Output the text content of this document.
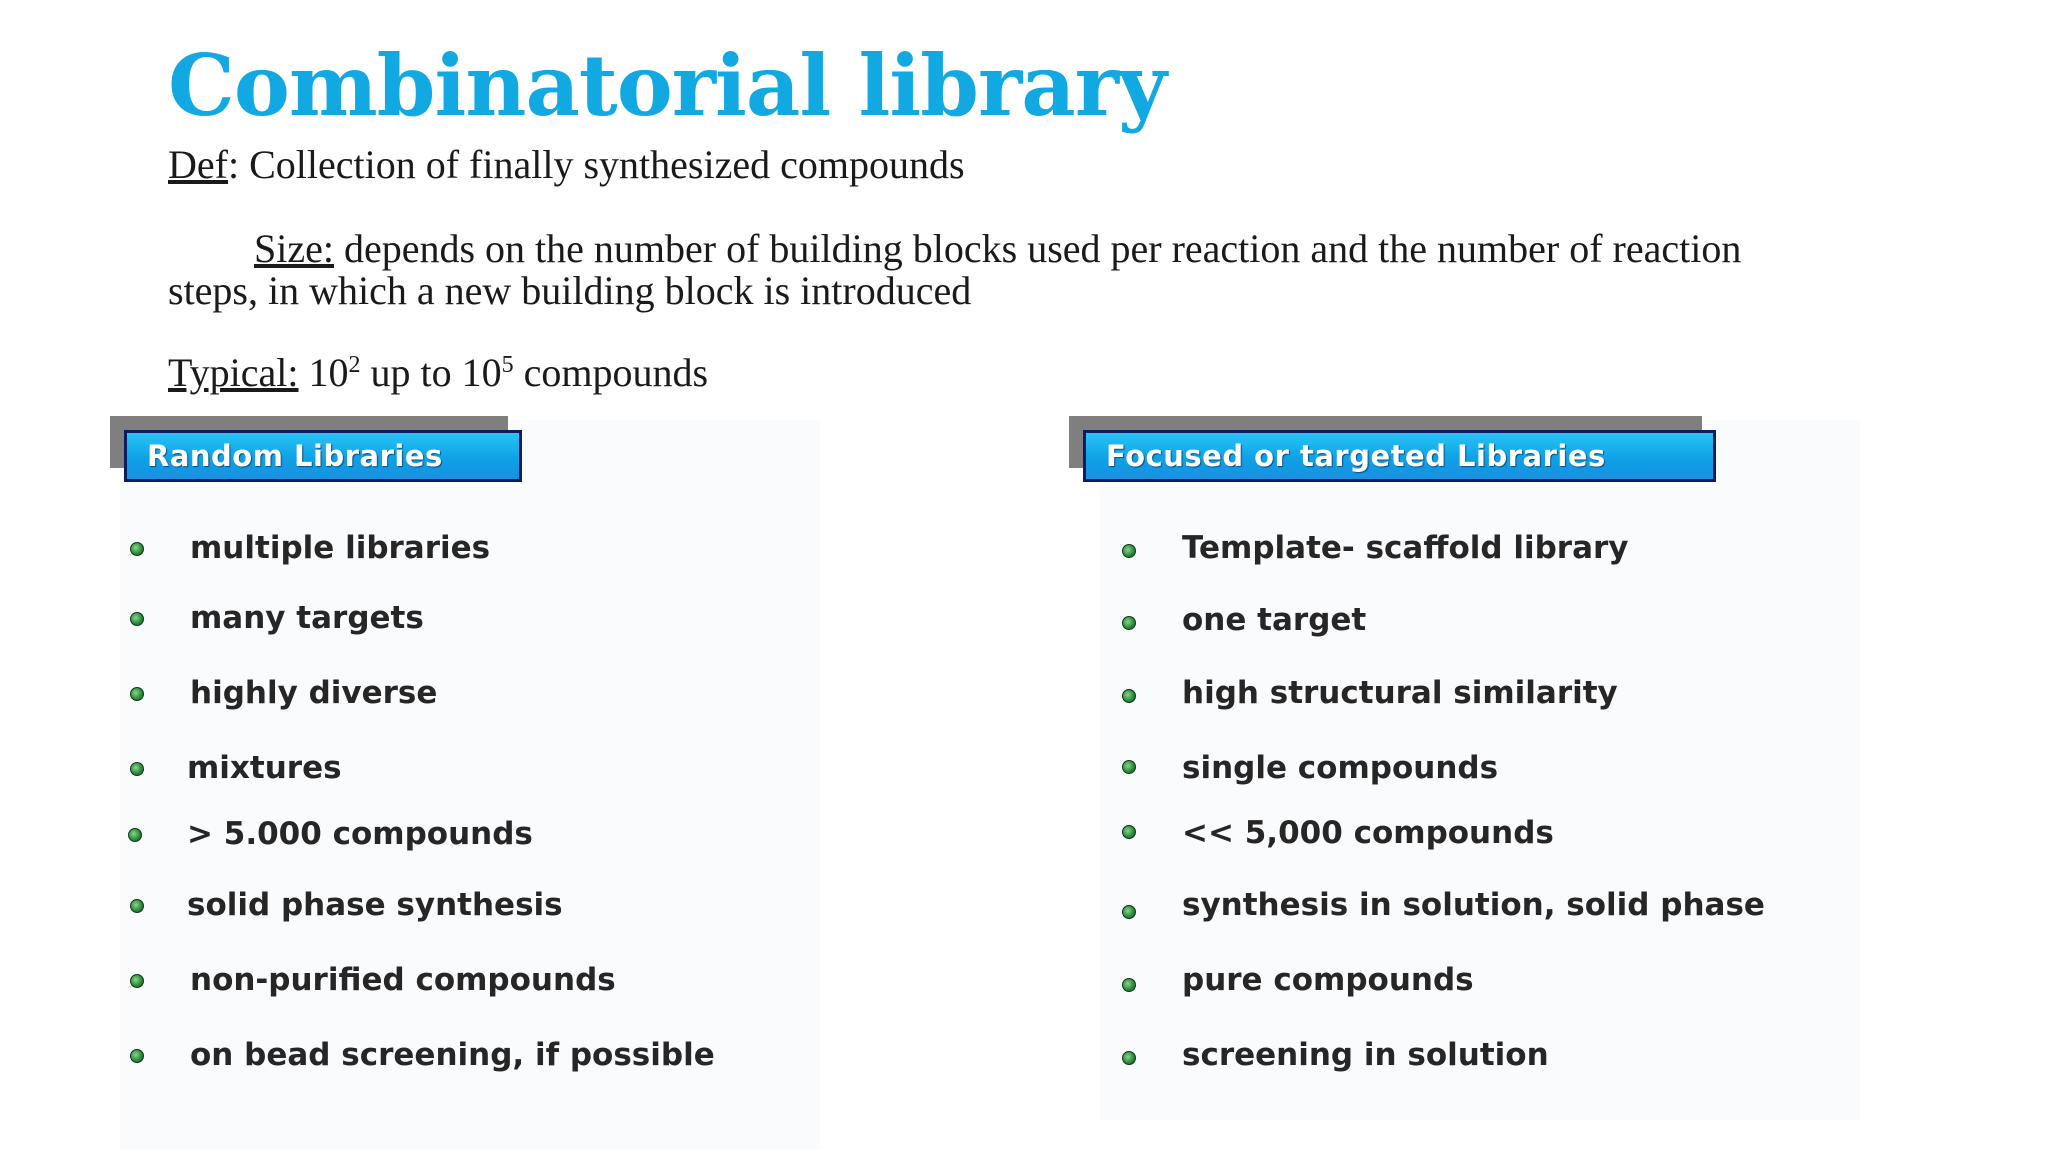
Combinatorial library
Def: Collection of finally synthesized compounds
Size: depends on the number of building blocks used per reaction and the number of reaction
steps, in which a new building block is introduced
Typical: $10^2$ up to $10^5$ compounds
Random Libraries
multiple libraries
many targets
highly diverse
mixtures
> 5.000 compounds
solid phase synthesis
non-purified compounds
on bead screening, if possible
Focused or targeted Libraries
Template- scaffold library
one target
high structural similarity
single compounds
<< 5,000 compounds
synthesis in solution, solid phase
pure compounds
screening in solution
